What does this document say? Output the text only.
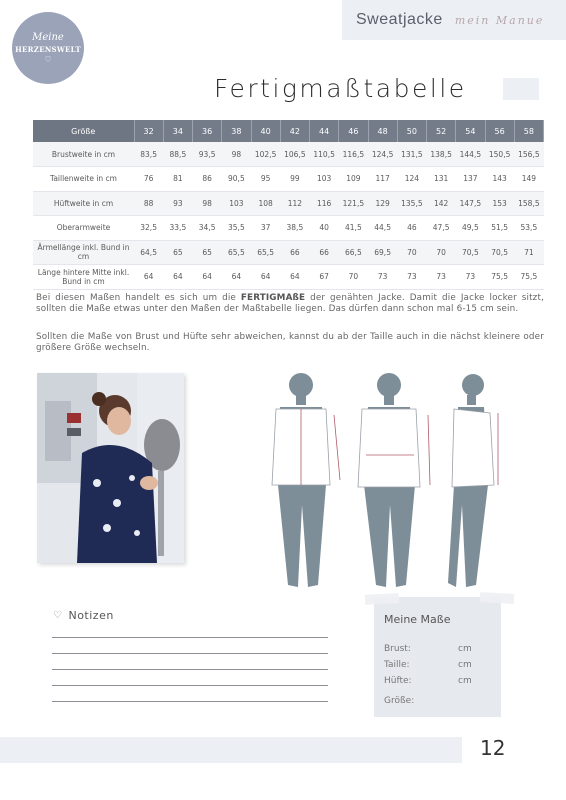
Meine
HERZENSWELT
♡
Sweatjacke mein Manue
Fertigmaßtabelle
Größe	32	34	36	38	40	42	44	46	48	50	52	54	56	58
Brustweite in cm	83,5	88,5	93,5	98	102,5	106,5	110,5	116,5	124,5	131,5	138,5	144,5	150,5	156,5
Taillenweite in cm	76	81	86	90,5	95	99	103	109	117	124	131	137	143	149
Hüftweite in cm	88	93	98	103	108	112	116	121,5	129	135,5	142	147,5	153	158,5
Oberarmweite	32,5	33,5	34,5	35,5	37	38,5	40	41,5	44,5	46	47,5	49,5	51,5	53,5
Ärmellänge inkl. Bund in cm	64,5	65	65	65,5	65,5	66	66	66,5	69,5	70	70	70,5	70,5	71
Länge hintere Mitte inkl. Bund in cm	64	64	64	64	64	64	67	70	73	73	73	73	75,5	75,5

Bei diesen Maßen handelt es sich um die FERTIGMAßE der genähten Jacke. Damit die Jacke locker sitzt, sollten die Maße etwas unter den Maßen der Maßtabelle liegen. Das dürfen dann schon mal 6-15 cm sein.

Sollten die Maße von Brust und Hüfte sehr abweichen, kannst du ab der Taille auch in die nächst kleinere oder größere Größe wechseln.

♡ Notizen	Meine Maße
Brust:	cm
Taille:	cm
Hüfte:	cm
Größe:
12
